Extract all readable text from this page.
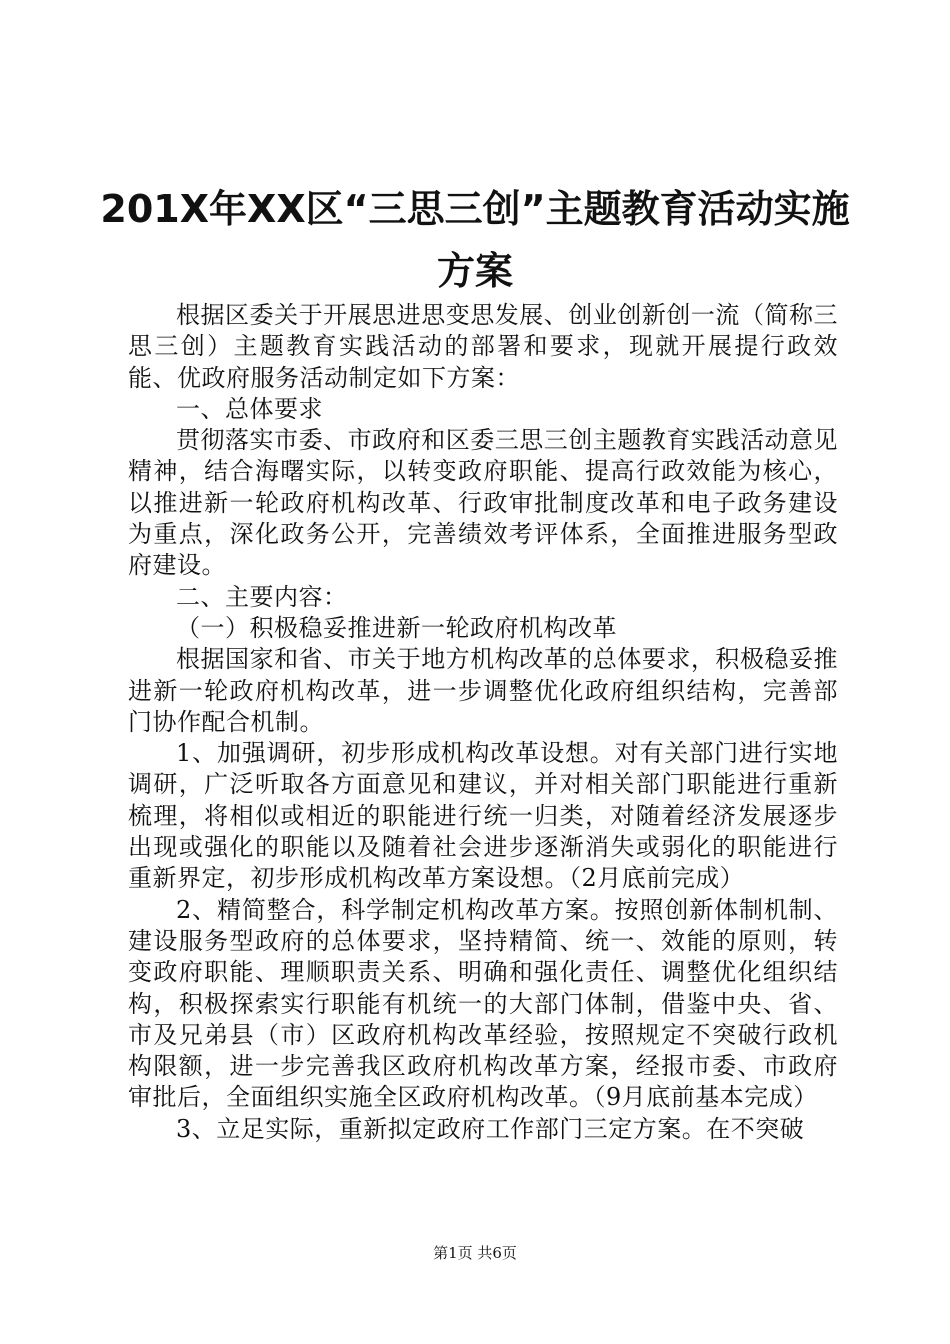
201X年XX区“三思三创”主题教育活动实施
方案

根据区委关于开展思进思变思发展、创业创新创一流（简称三思三创）主题教育实践活动的部署和要求，现就开展提行政效能、优政府服务活动制定如下方案：

一、总体要求

贯彻落实市委、市政府和区委三思三创主题教育实践活动意见精神，结合海曙实际，以转变政府职能、提高行政效能为核心，以推进新一轮政府机构改革、行政审批制度改革和电子政务建设为重点，深化政务公开，完善绩效考评体系，全面推进服务型政府建设。

二、主要内容：

（一）积极稳妥推进新一轮政府机构改革

根据国家和省、市关于地方机构改革的总体要求，积极稳妥推进新一轮政府机构改革，进一步调整优化政府组织结构，完善部门协作配合机制。

1、加强调研，初步形成机构改革设想。对有关部门进行实地调研，广泛听取各方面意见和建议，并对相关部门职能进行重新梳理，将相似或相近的职能进行统一归类，对随着经济发展逐步出现或强化的职能以及随着社会进步逐渐消失或弱化的职能进行重新界定，初步形成机构改革方案设想。（2月底前完成）

2、精简整合，科学制定机构改革方案。按照创新体制机制、建设服务型政府的总体要求，坚持精简、统一、效能的原则，转变政府职能、理顺职责关系、明确和强化责任、调整优化组织结构，积极探索实行职能有机统一的大部门体制，借鉴中央、省、市及兄弟县（市）区政府机构改革经验，按照规定不突破行政机构限额，进一步完善我区政府机构改革方案，经报市委、市政府审批后，全面组织实施全区政府机构改革。（9月底前基本完成）

3、立足实际，重新拟定政府工作部门三定方案。在不突破

第1页 共6页
